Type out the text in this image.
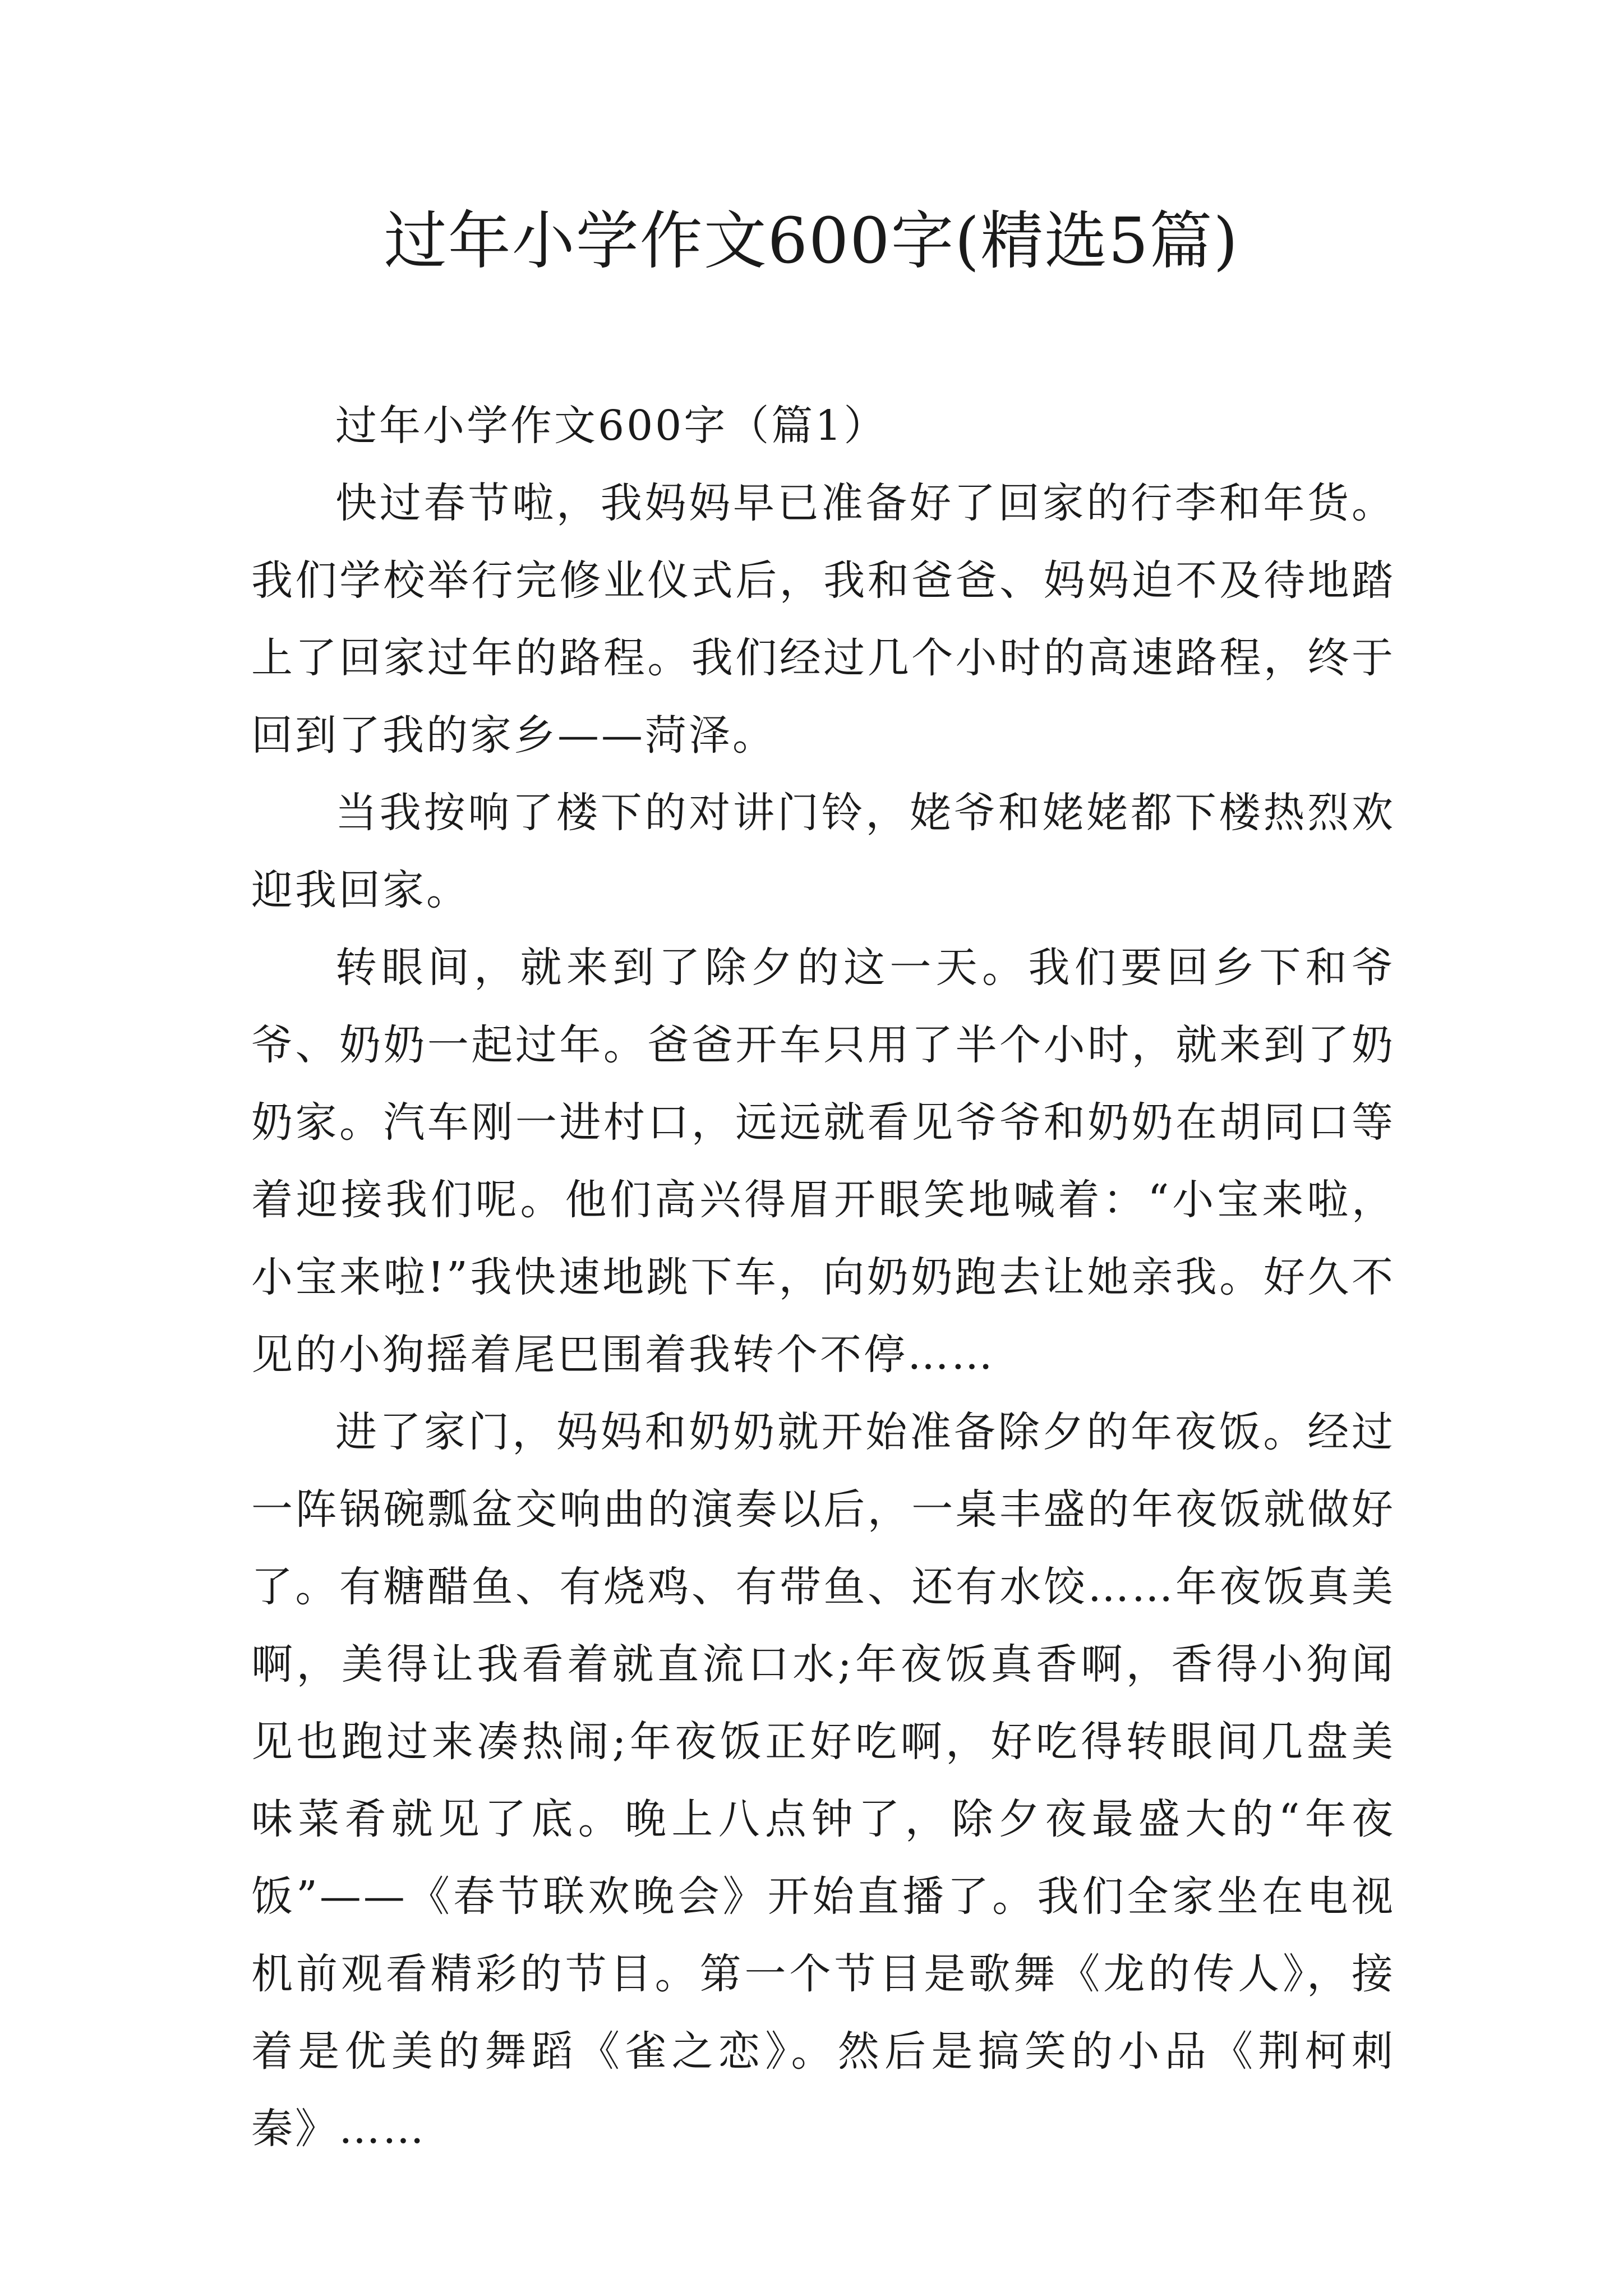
过年小学作文600字(精选5篇)
过年小学作文600字（篇1）

快过春节啦，我妈妈早已准备好了回家的行李和年货。我们学校举行完修业仪式后，我和爸爸、妈妈迫不及待地踏上了回家过年的路程。我们经过几个小时的高速路程，终于回到了我的家乡——菏泽。

当我按响了楼下的对讲门铃，姥爷和姥姥都下楼热烈欢迎我回家。

转眼间，就来到了除夕的这一天。我们要回乡下和爷爷、奶奶一起过年。爸爸开车只用了半个小时，就来到了奶奶家。汽车刚一进村口，远远就看见爷爷和奶奶在胡同口等着迎接我们呢。他们高兴得眉开眼笑地喊着：“小宝来啦，小宝来啦!”我快速地跳下车，向奶奶跑去让她亲我。好久不见的小狗摇着尾巴围着我转个不停……

进了家门，妈妈和奶奶就开始准备除夕的年夜饭。经过一阵锅碗瓢盆交响曲的演奏以后，一桌丰盛的年夜饭就做好了。有糖醋鱼、有烧鸡、有带鱼、还有水饺……年夜饭真美啊，美得让我看着就直流口水;年夜饭真香啊，香得小狗闻见也跑过来凑热闹;年夜饭正好吃啊，好吃得转眼间几盘美味菜肴就见了底。晚上八点钟了，除夕夜最盛大的“年夜饭”——《春节联欢晚会》开始直播了。我们全家坐在电视机前观看精彩的节目。第一个节目是歌舞《龙的传人》，接着是优美的舞蹈《雀之恋》。然后是搞笑的小品《荆柯刺秦》……
